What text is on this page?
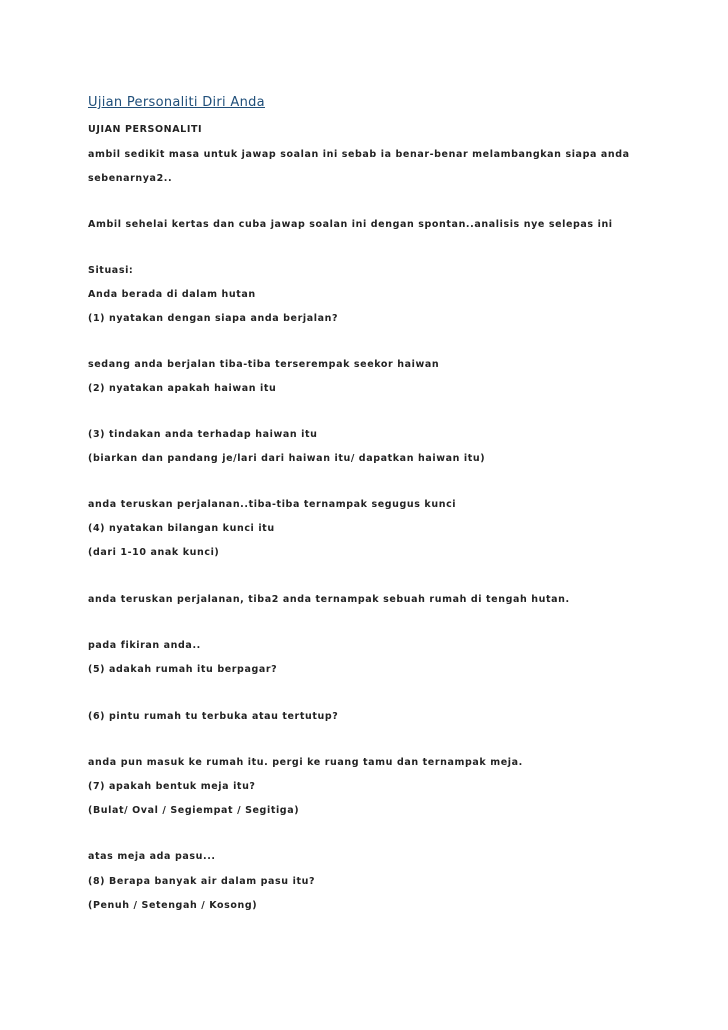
Ujian Personaliti Diri Anda
UJIAN PERSONALITI
ambil sedikit masa untuk jawap soalan ini sebab ia benar-benar melambangkan siapa anda
sebenarnya2..
Ambil sehelai kertas dan cuba jawap soalan ini dengan spontan..analisis nye selepas ini
Situasi:
Anda berada di dalam hutan
(1) nyatakan dengan siapa anda berjalan?
sedang anda berjalan tiba-tiba terserempak seekor haiwan
(2) nyatakan apakah haiwan itu
(3) tindakan anda terhadap haiwan itu
(biarkan dan pandang je/lari dari haiwan itu/ dapatkan haiwan itu)
anda teruskan perjalanan..tiba-tiba ternampak segugus kunci
(4) nyatakan bilangan kunci itu
(dari 1-10 anak kunci)
anda teruskan perjalanan, tiba2 anda ternampak sebuah rumah di tengah hutan.
pada fikiran anda..
(5) adakah rumah itu berpagar?
(6) pintu rumah tu terbuka atau tertutup?
anda pun masuk ke rumah itu. pergi ke ruang tamu dan ternampak meja.
(7) apakah bentuk meja itu?
(Bulat/ Oval / Segiempat / Segitiga)
atas meja ada pasu...
(8) Berapa banyak air dalam pasu itu?
(Penuh / Setengah / Kosong)
